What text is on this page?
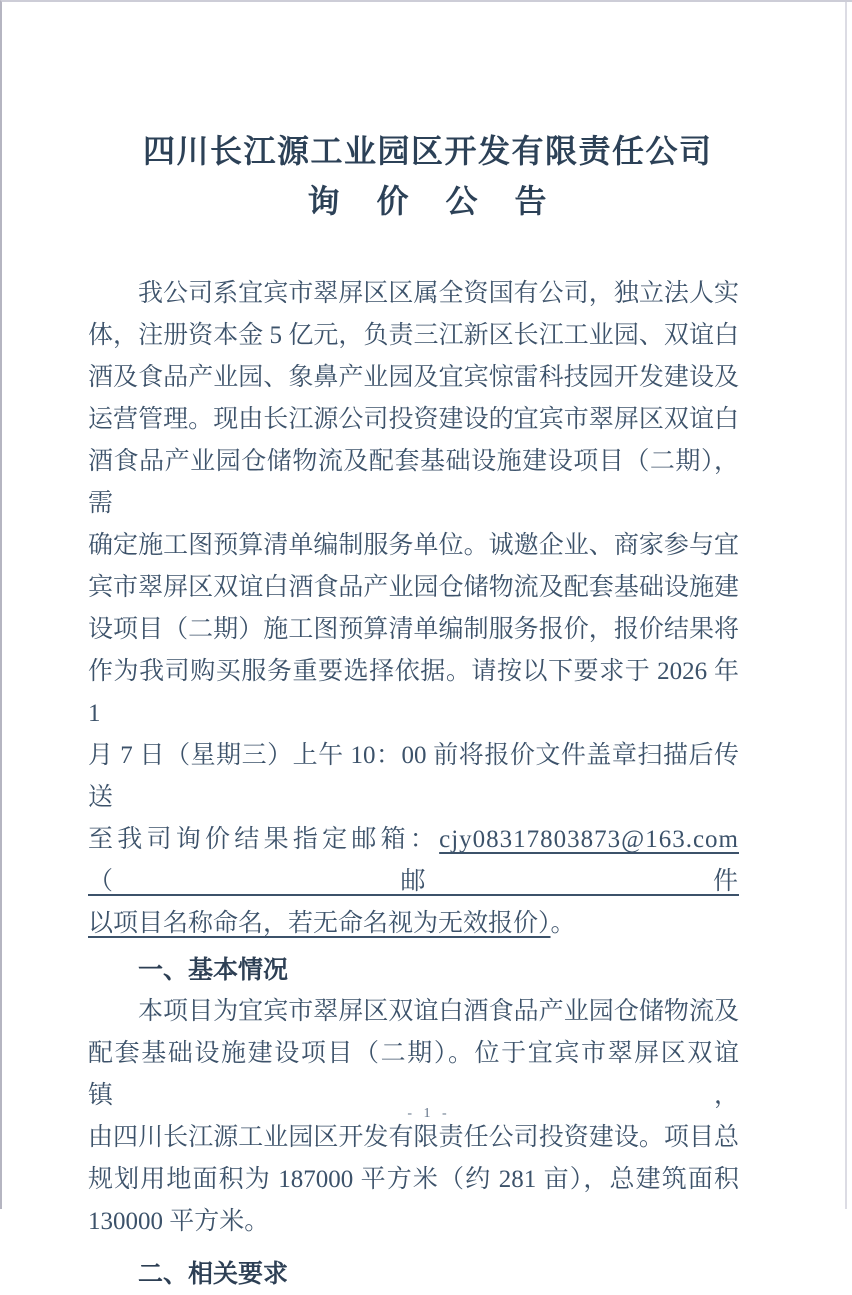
四川长江源工业园区开发有限责任公司
询价公告
我公司系宜宾市翠屏区区属全资国有公司，独立法人实
体，注册资本金 5 亿元，负责三江新区长江工业园、双谊白
酒及食品产业园、象鼻产业园及宜宾惊雷科技园开发建设及
运营管理。现由长江源公司投资建设的宜宾市翠屏区双谊白
酒食品产业园仓储物流及配套基础设施建设项目（二期），需
确定施工图预算清单编制服务单位。诚邀企业、商家参与宜
宾市翠屏区双谊白酒食品产业园仓储物流及配套基础设施建
设项目（二期）施工图预算清单编制服务报价，报价结果将
作为我司购买服务重要选择依据。请按以下要求于 2026 年 1
月 7 日（星期三）上午 10：00 前将报价文件盖章扫描后传送
至我司询价结果指定邮箱：cjy08317803873@163.com（邮件
以项目名称命名，若无命名视为无效报价）。
一、基本情况
本项目为宜宾市翠屏区双谊白酒食品产业园仓储物流及
配套基础设施建设项目（二期）。位于宜宾市翠屏区双谊镇，
由四川长江源工业园区开发有限责任公司投资建设。项目总
规划用地面积为 187000 平方米（约 281 亩），总建筑面积
130000 平方米。
二、相关要求
- 1 -
